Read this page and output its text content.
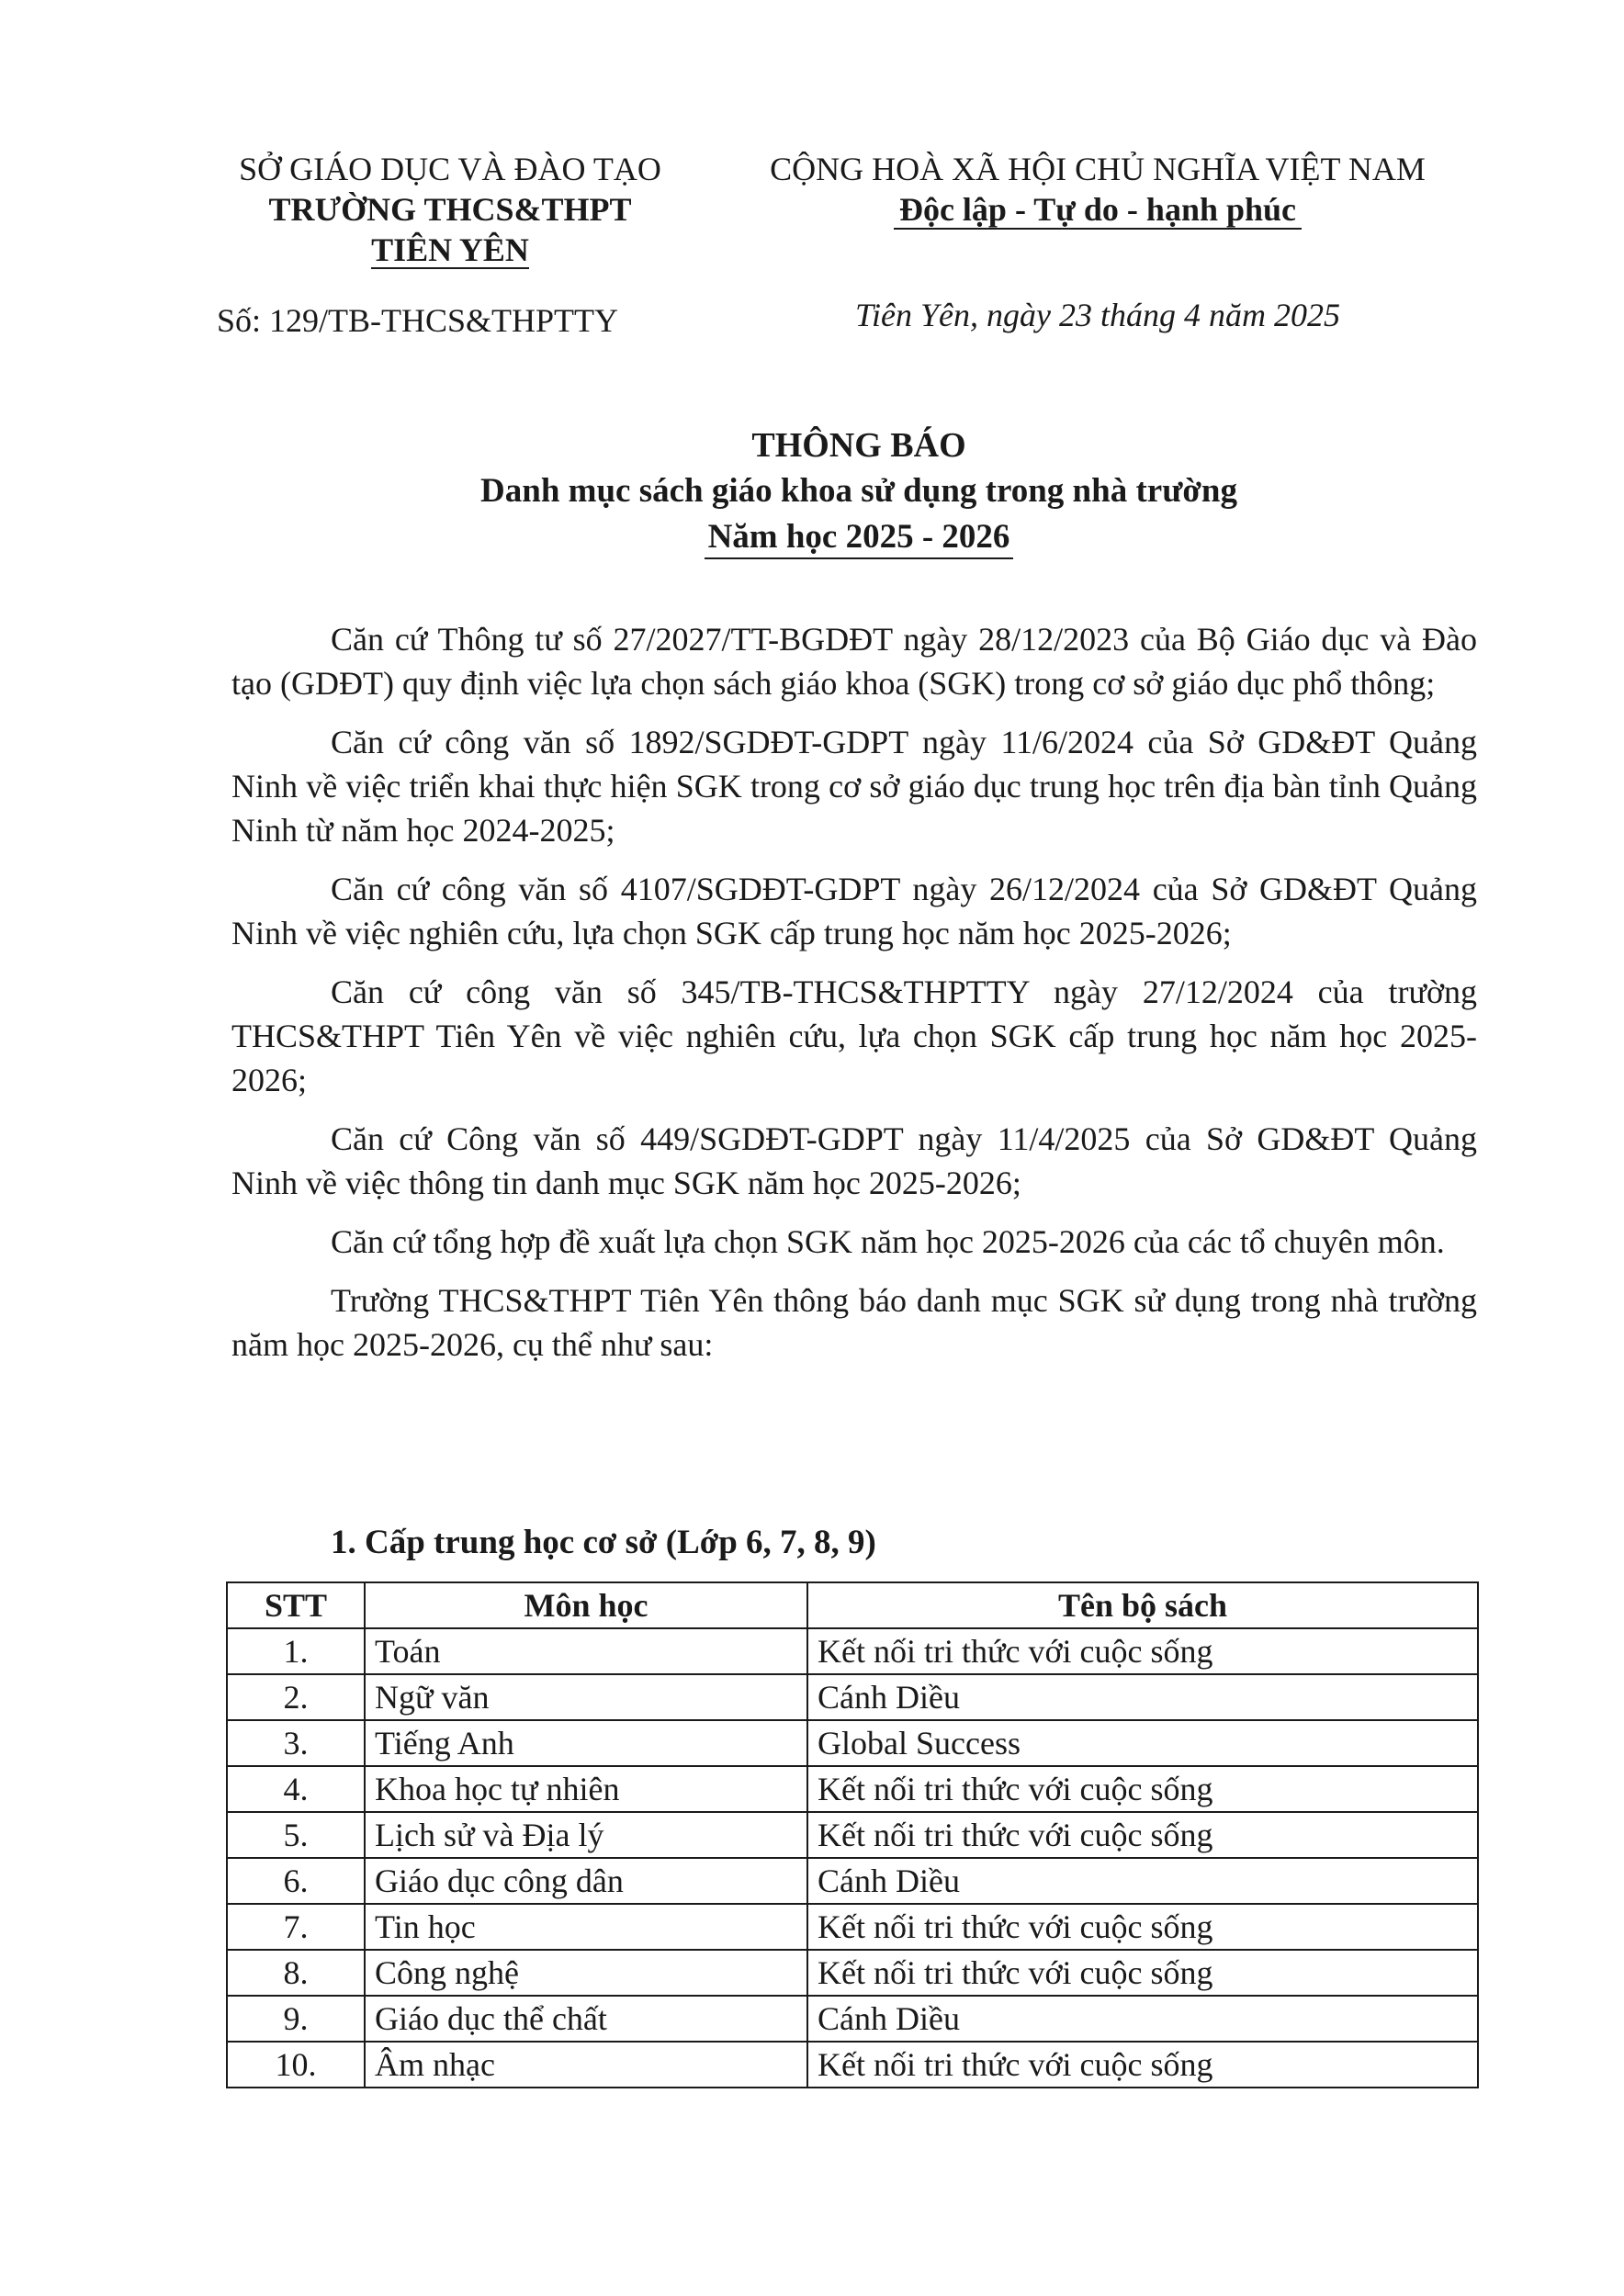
SỞ GIÁO DỤC VÀ ĐÀO TẠO
TRƯỜNG THCS&THPT
TIÊN YÊN
CỘNG HOÀ XÃ HỘI CHỦ NGHĨA VIỆT NAM
Độc lập - Tự do - hạnh phúc
Số: 129/TB-THCS&THPTTY	Tiên Yên, ngày 23 tháng 4 năm 2025
THÔNG BÁO
Danh mục sách giáo khoa sử dụng trong nhà trường
Năm học 2025 - 2026

Căn cứ Thông tư số 27/2027/TT-BGDĐT ngày 28/12/2023 của Bộ Giáo dục và Đào tạo (GDĐT) quy định việc lựa chọn sách giáo khoa (SGK) trong cơ sở giáo dục phổ thông;

Căn cứ công văn số 1892/SGDĐT-GDPT ngày 11/6/2024 của Sở GD&ĐT Quảng Ninh về việc triển khai thực hiện SGK trong cơ sở giáo dục trung học trên địa bàn tỉnh Quảng Ninh từ năm học 2024-2025;

Căn cứ công văn số 4107/SGDĐT-GDPT ngày 26/12/2024 của Sở GD&ĐT Quảng Ninh về việc nghiên cứu, lựa chọn SGK cấp trung học năm học 2025-2026;

Căn cứ công văn số 345/TB-THCS&THPTTY ngày 27/12/2024 của trường THCS&THPT Tiên Yên về việc nghiên cứu, lựa chọn SGK cấp trung học năm học 2025-2026;

Căn cứ Công văn số 449/SGDĐT-GDPT ngày 11/4/2025 của Sở GD&ĐT Quảng Ninh về việc thông tin danh mục SGK năm học 2025-2026;

Căn cứ tổng hợp đề xuất lựa chọn SGK năm học 2025-2026 của các tổ chuyên môn.

Trường THCS&THPT Tiên Yên thông báo danh mục SGK sử dụng trong nhà trường năm học 2025-2026, cụ thể như sau:

1. Cấp trung học cơ sở (Lớp 6, 7, 8, 9)
STT	Môn học	Tên bộ sách
1.	Toán	Kết nối tri thức với cuộc sống
2.	Ngữ văn	Cánh Diều
3.	Tiếng Anh	Global Success
4.	Khoa học tự nhiên	Kết nối tri thức với cuộc sống
5.	Lịch sử và Địa lý	Kết nối tri thức với cuộc sống
6.	Giáo dục công dân	Cánh Diều
7.	Tin học	Kết nối tri thức với cuộc sống
8.	Công nghệ	Kết nối tri thức với cuộc sống
9.	Giáo dục thể chất	Cánh Diều
10.	Âm nhạc	Kết nối tri thức với cuộc sống
